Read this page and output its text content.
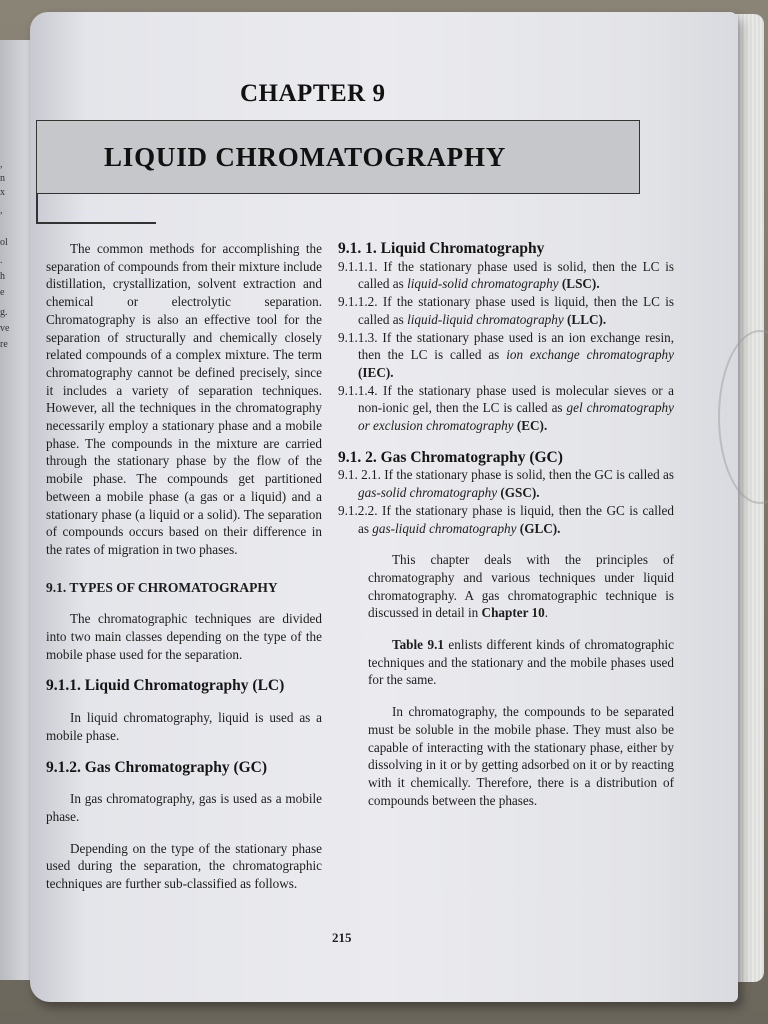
,
n
x
,
ol
.
h
e
g.
ve
re
CHAPTER 9
LIQUID CHROMATOGRAPHY

The common methods for accomplishing the separation of compounds from their mixture include distillation, crystallization, solvent extraction and chemical or electrolytic separation. Chromatography is also an effective tool for the separation of structurally and chemically closely related compounds of a complex mixture. The term chromatography cannot be defined precisely, since it includes a variety of separation techniques. However, all the techniques in the chromatography necessarily employ a stationary phase and a mobile phase. The compounds in the mixture are carried through the stationary phase by the flow of the mobile phase. The compounds get partitioned between a mobile phase (a gas or a liquid) and a stationary phase (a liquid or a solid). The separation of compounds occurs based on their difference in the rates of migration in two phases.

9.1. TYPES OF CHROMATOGRAPHY

The chromatographic techniques are divided into two main classes depending on the type of the mobile phase used for the separation.

9.1.1. Liquid Chromatography (LC)

In liquid chromatography, liquid is used as a mobile phase.

9.1.2. Gas Chromatography (GC)

In gas chromatography, gas is used as a mobile phase.

Depending on the type of the stationary phase used during the separation, the chromatographic techniques are further sub-classified as follows.

9.1. 1. Liquid Chromatography
9.1.1.1. If the stationary phase used is solid, then the LC is called as liquid-solid chromatography (LSC).
9.1.1.2. If the stationary phase used is liquid, then the LC is called as liquid-liquid chromatography (LLC).
9.1.1.3. If the stationary phase used is an ion exchange resin, then the LC is called as ion exchange chromatography (IEC).
9.1.1.4. If the stationary phase used is molecular sieves or a non-ionic gel, then the LC is called as gel chromatography or exclusion chromatography (EC).
9.1. 2. Gas Chromatography (GC)
9.1. 2.1. If the stationary phase is solid, then the GC is called as gas-solid chromatography (GSC).
9.1.2.2. If the stationary phase is liquid, then the GC is called as gas-liquid chromatography (GLC).

This chapter deals with the principles of chromatography and various techniques under liquid chromatography. A gas chromatographic technique is discussed in detail in Chapter 10.

Table 9.1 enlists different kinds of chromatographic techniques and the stationary and the mobile phases used for the same.

In chromatography, the compounds to be separated must be soluble in the mobile phase. They must also be capable of interacting with the stationary phase, either by dissolving in it or by getting adsorbed on it or by reacting with it chemically. Therefore, there is a distribution of compounds between the phases.

215
